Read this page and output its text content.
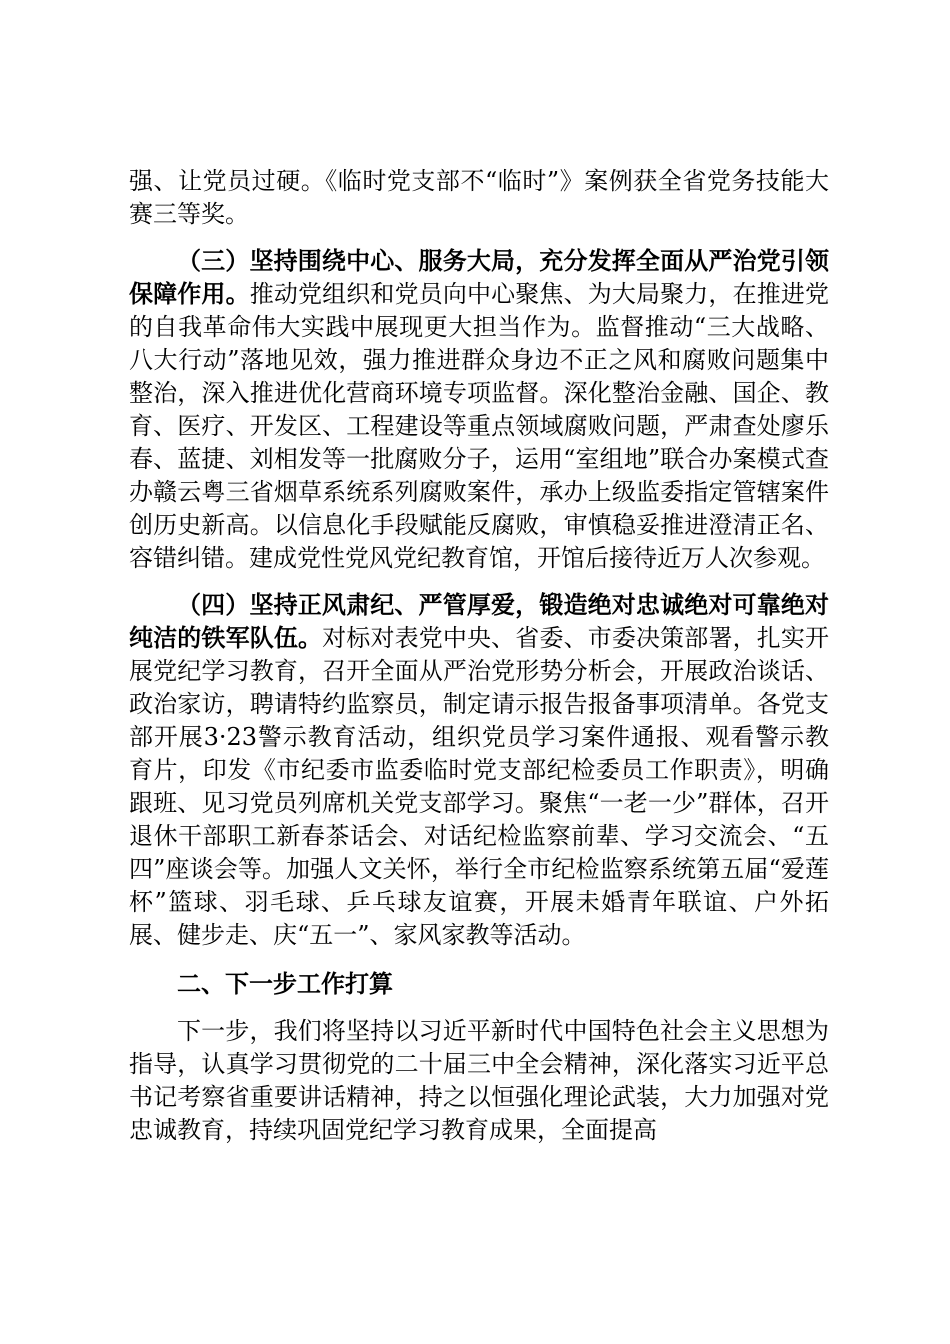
强、让党员过硬。《临时党支部不“临时”》案例获全省党务技能大赛三等奖。

（三）坚持围绕中心、服务大局，充分发挥全面从严治党引领保障作用。推动党组织和党员向中心聚焦、为大局聚力，在推进党的自我革命伟大实践中展现更大担当作为。监督推动“三大战略、八大行动”落地见效，强力推进群众身边不正之风和腐败问题集中整治，深入推进优化营商环境专项监督。深化整治金融、国企、教育、医疗、开发区、工程建设等重点领域腐败问题，严肃查处廖乐春、蓝捷、刘相发等一批腐败分子，运用“室组地”联合办案模式查办赣云粤三省烟草系统系列腐败案件，承办上级监委指定管辖案件创历史新高。以信息化手段赋能反腐败，审慎稳妥推进澄清正名、容错纠错。建成党性党风党纪教育馆，开馆后接待近万人次参观。

（四）坚持正风肃纪、严管厚爱，锻造绝对忠诚绝对可靠绝对纯洁的铁军队伍。对标对表党中央、省委、市委决策部署，扎实开展党纪学习教育，召开全面从严治党形势分析会，开展政治谈话、政治家访，聘请特约监察员，制定请示报告报备事项清单。各党支部开展3·23警示教育活动，组织党员学习案件通报、观看警示教育片，印发《市纪委市监委临时党支部纪检委员工作职责》，明确跟班、见习党员列席机关党支部学习。聚焦“一老一少”群体，召开退休干部职工新春茶话会、对话纪检监察前辈、学习交流会、“五四”座谈会等。加强人文关怀，举行全市纪检监察系统第五届“爱莲杯”篮球、羽毛球、乒乓球友谊赛，开展未婚青年联谊、户外拓展、健步走、庆“五一”、家风家教等活动。

二、下一步工作打算

下一步，我们将坚持以习近平新时代中国特色社会主义思想为指导，认真学习贯彻党的二十届三中全会精神，深化落实习近平总书记考察省重要讲话精神，持之以恒强化理论武装，大力加强对党忠诚教育，持续巩固党纪学习教育成果，全面提高
